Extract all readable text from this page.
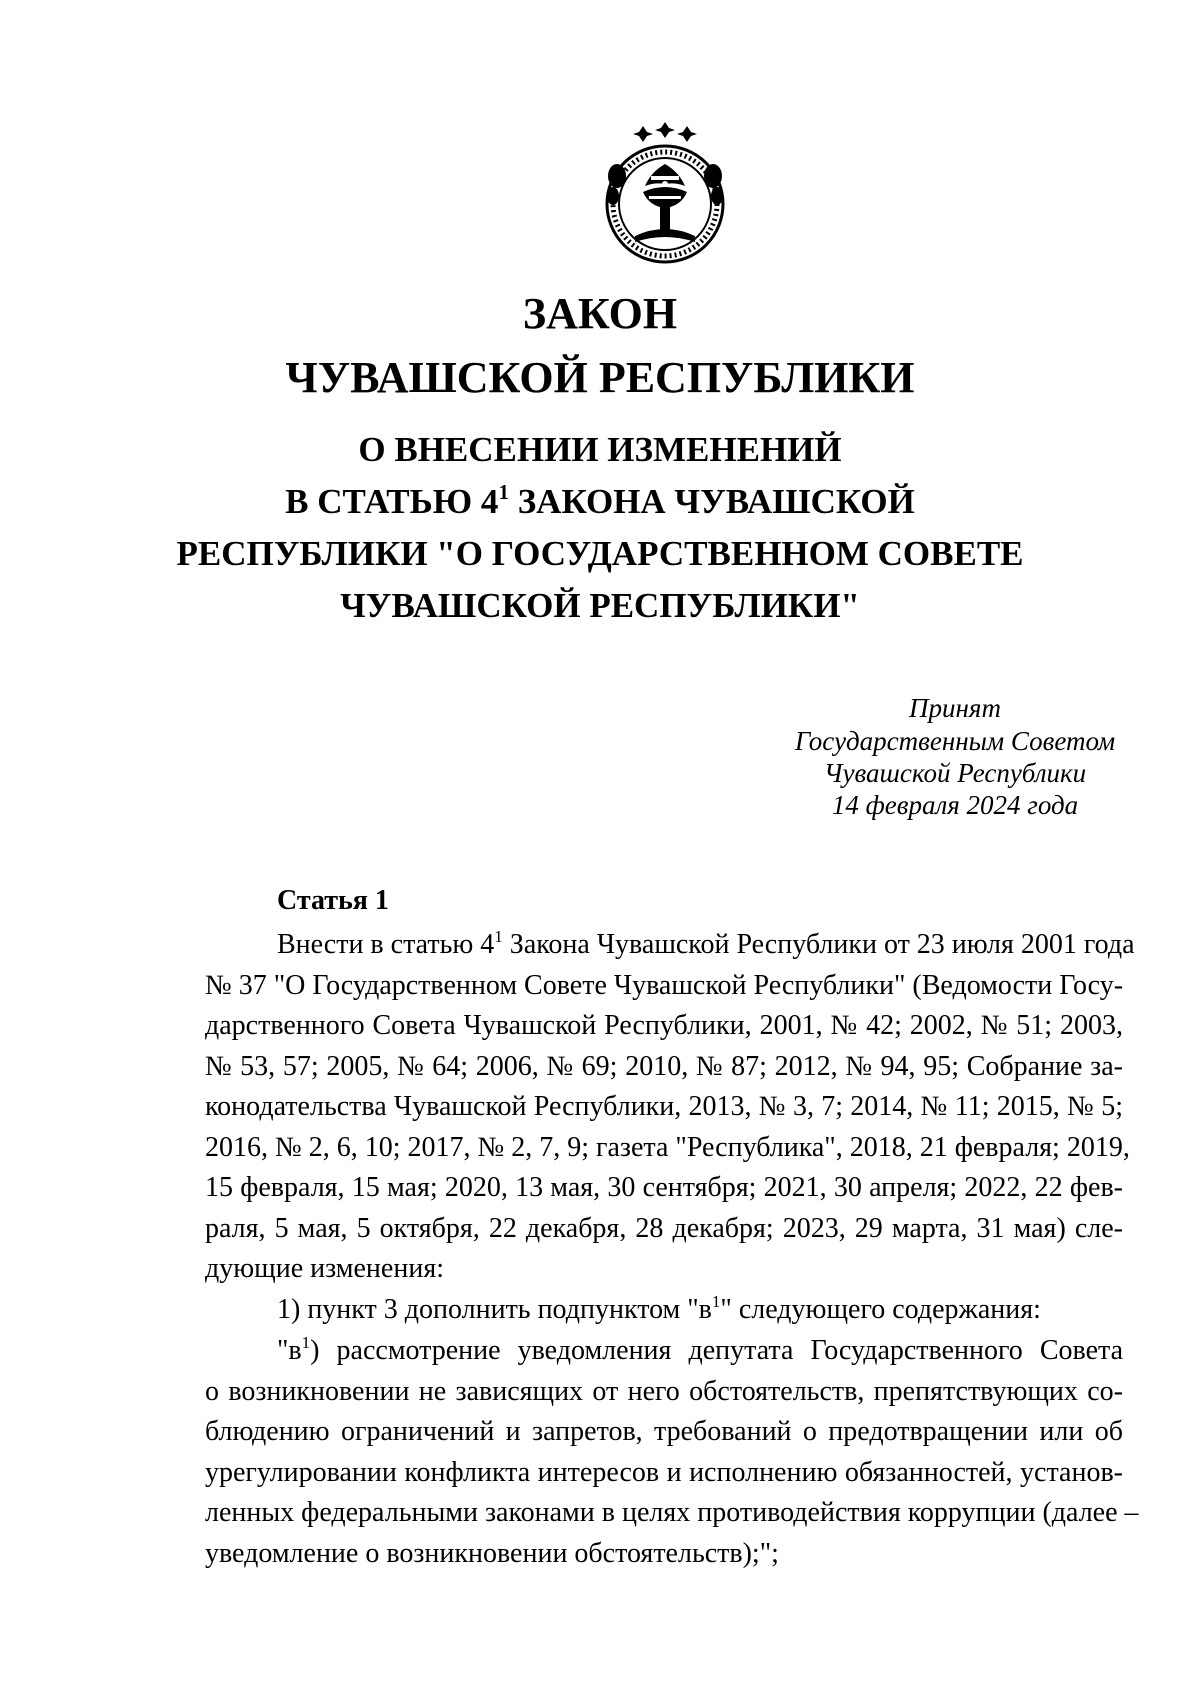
ЗАКОН
ЧУВАШСКОЙ РЕСПУБЛИКИ
О ВНЕСЕНИИ ИЗМЕНЕНИЙ
В СТАТЬЮ $4^1$ ЗАКОНА ЧУВАШСКОЙ
РЕСПУБЛИКИ "О ГОСУДАРСТВЕННОМ СОВЕТЕ
ЧУВАШСКОЙ РЕСПУБЛИКИ"
Принят
Государственным Советом
Чувашской Республики
14 февраля 2024 года
Статья 1
Внести в статью $4^1$ Закона Чувашской Республики от 23 июля 2001 года
№ 37 "О Государственном Совете Чувашской Республики" (Ведомости Госу-
дарственного Совета Чувашской Республики, 2001, № 42; 2002, № 51; 2003,
№ 53, 57; 2005, № 64; 2006, № 69; 2010, № 87; 2012, № 94, 95; Собрание за-
конодательства Чувашской Республики, 2013, № 3, 7; 2014, № 11; 2015, № 5;
2016, № 2, 6, 10; 2017, № 2, 7, 9; газета "Республика", 2018, 21 февраля; 2019,
15 февраля, 15 мая; 2020, 13 мая, 30 сентября; 2021, 30 апреля; 2022, 22 фев-
раля, 5 мая, 5 октября, 22 декабря, 28 декабря; 2023, 29 марта, 31 мая) сле-
дующие изменения:
1) пункт 3 дополнить подпунктом "$в^1$" следующего содержания:
"$в^1$) рассмотрение уведомления депутата Государственного Совета
о возникновении не зависящих от него обстоятельств, препятствующих со-
блюдению ограничений и запретов, требований о предотвращении или об
урегулировании конфликта интересов и исполнению обязанностей, установ-
ленных федеральными законами в целях противодействия коррупции (далее –
уведомление о возникновении обстоятельств);";
